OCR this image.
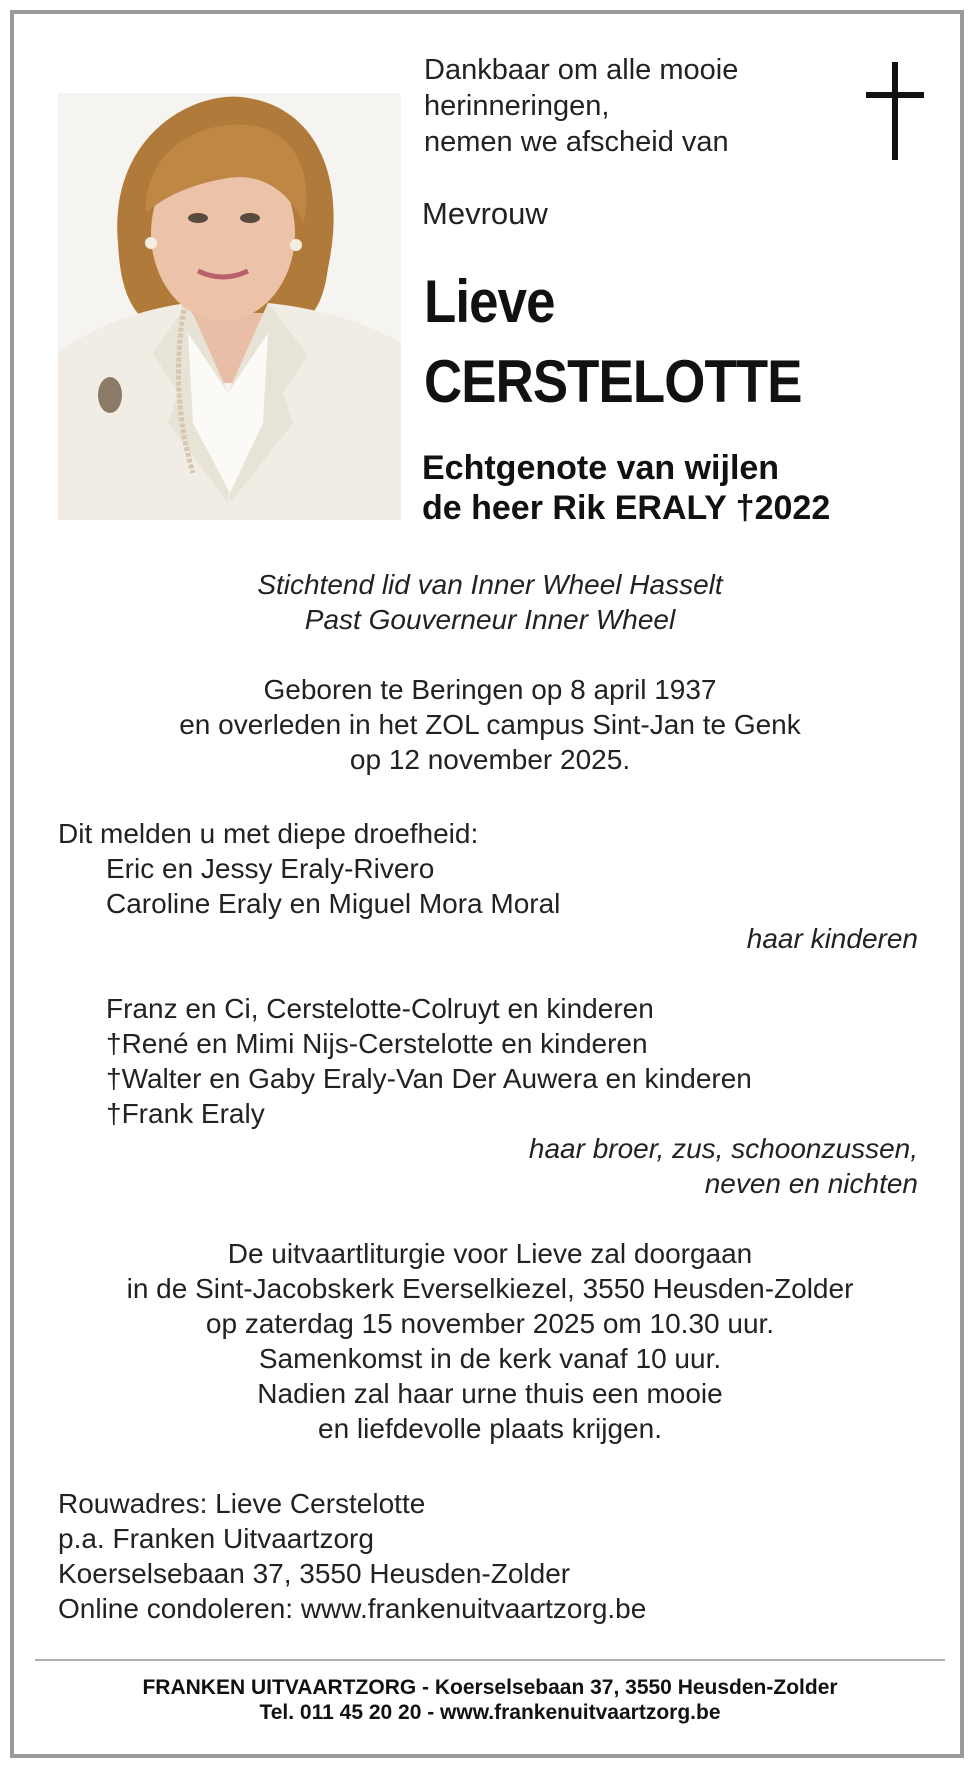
Dankbaar om alle mooie
herinneringen,
nemen we afscheid van
Mevrouw
Lieve
CERSTELOTTE
Echtgenote van wijlen
de heer Rik ERALY †2022
Stichtend lid van Inner Wheel Hasselt
Past Gouverneur Inner Wheel
Geboren te Beringen op 8 april 1937
en overleden in het ZOL campus Sint-Jan te Genk
op 12 november 2025.
Dit melden u met diepe droefheid:
Eric en Jessy Eraly-Rivero
Caroline Eraly en Miguel Mora Moral
haar kinderen
Franz en Ci, Cerstelotte-Colruyt en kinderen
†René en Mimi Nijs-Cerstelotte en kinderen
†Walter en Gaby Eraly-Van Der Auwera en kinderen
†Frank Eraly
haar broer, zus, schoonzussen,
neven en nichten
De uitvaartliturgie voor Lieve zal doorgaan
in de Sint-Jacobskerk Everselkiezel, 3550 Heusden-Zolder
op zaterdag 15 november 2025 om 10.30 uur.
Samenkomst in de kerk vanaf 10 uur.
Nadien zal haar urne thuis een mooie
en liefdevolle plaats krijgen.
Rouwadres: Lieve Cerstelotte
p.a. Franken Uitvaartzorg
Koerselsebaan 37, 3550 Heusden-Zolder
Online condoleren: www.frankenuitvaartzorg.be
FRANKEN UITVAARTZORG - Koerselsebaan 37, 3550 Heusden-Zolder
Tel. 011 45 20 20 - www.frankenuitvaartzorg.be
